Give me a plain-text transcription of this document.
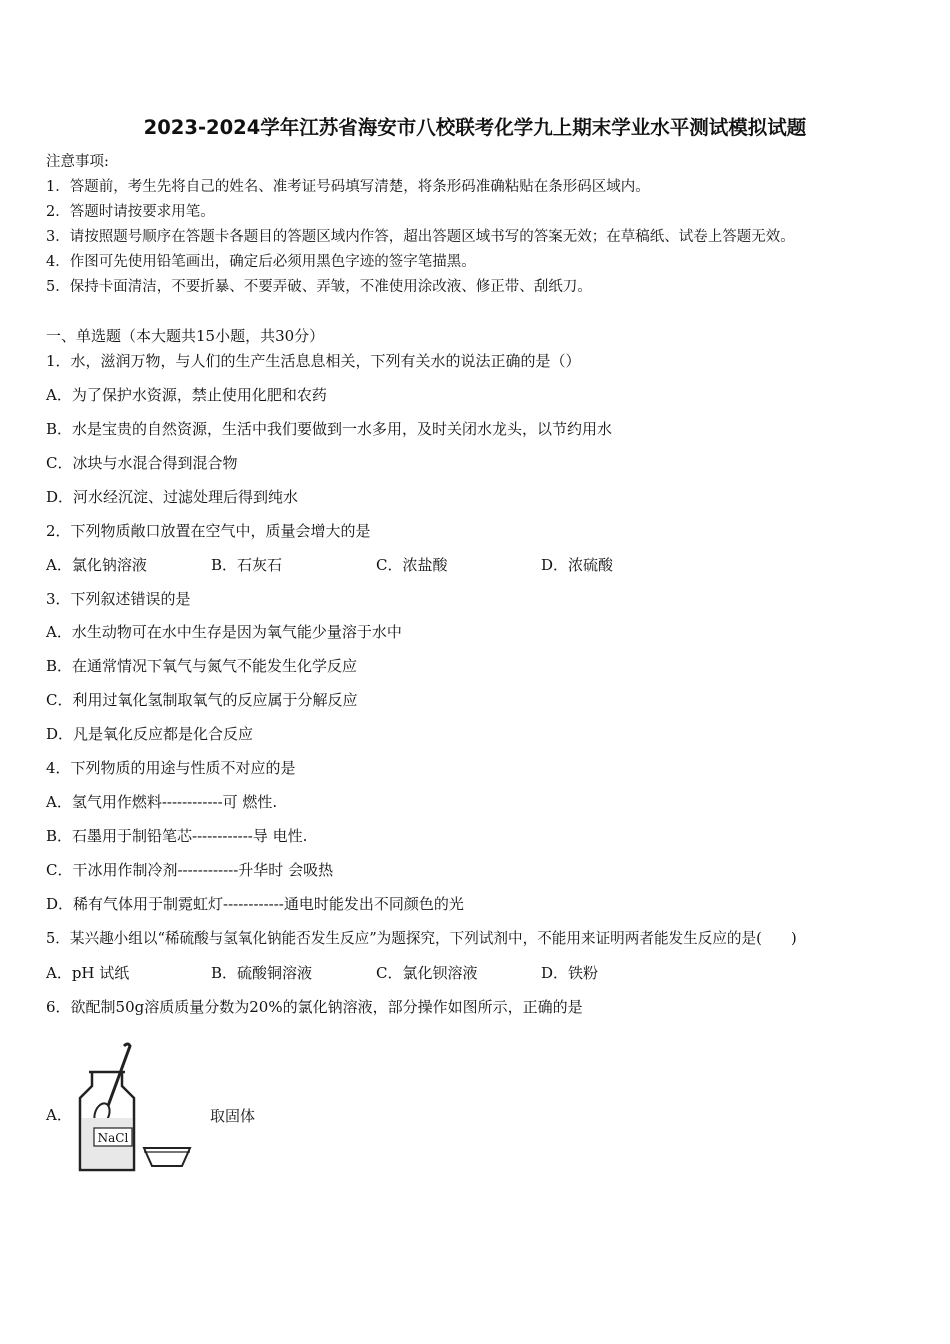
2023-2024学年江苏省海安市八校联考化学九上期末学业水平测试模拟试题
注意事项:
1．答题前，考生先将自己的姓名、准考证号码填写清楚，将条形码准确粘贴在条形码区域内。
2．答题时请按要求用笔。
3．请按照题号顺序在答题卡各题目的答题区域内作答，超出答题区域书写的答案无效；在草稿纸、试卷上答题无效。
4．作图可先使用铅笔画出，确定后必须用黑色字迹的签字笔描黑。
5．保持卡面清洁，不要折暴、不要弄破、弄皱，不准使用涂改液、修正带、刮纸刀。
一、单选题（本大题共15小题，共30分）
1．水，滋润万物，与人们的生产生活息息相关，下列有关水的说法正确的是（）
A．为了保护水资源，禁止使用化肥和农药
B．水是宝贵的自然资源，生活中我们要做到一水多用，及时关闭水龙头，以节约用水
C．冰块与水混合得到混合物
D．河水经沉淀、过滤处理后得到纯水
2．下列物质敞口放置在空气中，质量会增大的是
A．氯化钠溶液	B．石灰石	C．浓盐酸	D．浓硫酸
3．下列叙述错误的是
A．水生动物可在水中生存是因为氧气能少量溶于水中
B．在通常情况下氧气与氮气不能发生化学反应
C．利用过氧化氢制取氧气的反应属于分解反应
D．凡是氧化反应都是化合反应
4．下列物质的用途与性质不对应的是
A．氢气用作燃料------------可 燃性.
B．石墨用于制铅笔芯------------导 电性.
C．干冰用作制冷剂------------升华时 会吸热
D．稀有气体用于制霓虹灯------------通电时能发出不同颜色的光
5．某兴趣小组以“稀硫酸与氢氧化钠能否发生反应”为题探究，下列试剂中，不能用来证明两者能发生反应的是(　　)
A．pH 试纸	B．硫酸铜溶液	C．氯化钡溶液	D．铁粉
6．欲配制50g溶质质量分数为20%的氯化钠溶液，部分操作如图所示，正确的是
A．
NaCl
取固体
